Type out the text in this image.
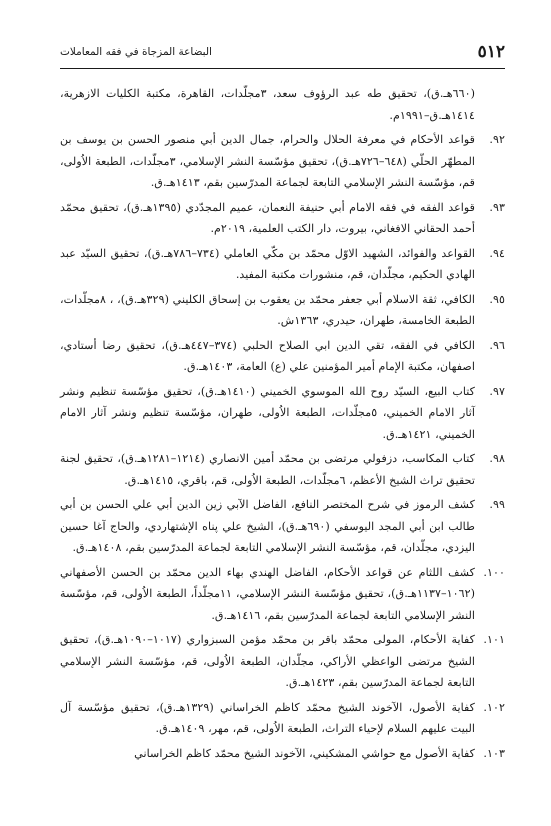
٥١٢
البضاعة المزجاة في فقه المعاملات
(٦٦٠هـ.ق)، تحقيق طه عبد الرؤوف سعد، ٣مجلّدات، القاهرة، مكتبة الكليات الازهرية، ١٤١٤هـ.ق–١٩٩١م.
٩٢.
قواعد الأحكام في معرفة الحلال والحرام، جمال الدين أبي منصور الحسن بن يوسف بن المطهّر الحلّي (٦٤٨–٧٢٦هـ.ق)، تحقيق مؤسّسة النشر الإسلامي، ٣مجلّدات، الطبعة الاُولى، قم، مؤسّسة النشر الإسلامي التابعة لجماعة المدرّسين بقم، ١٤١٣هـ.ق.
٩٣.
قواعد الفقه في فقه الامام أبي حنيفة النعمان، عميم المجدّدي (١٣٩٥هـ.ق)، تحقيق محمّد أحمد الحقاني الافغاني، بيروت، دار الكتب العلمية، ٢٠١٩م.
٩٤.
القواعد والفوائد، الشهيد الاوّل محمّد بن مكّي العاملي (٧٣٤–٧٨٦هـ.ق)، تحقيق السيّد عبد الهادي الحكيم، مجلّدان، قم، منشورات مكتبة المفيد.
٩٥.
الكافي، ثقة الاسلام أبي جعفر محمّد بن يعقوب بن إسحاق الكليني (٣٢٩هـ.ق)، ، ٨مجلّدات، الطبعة الخامسة، طهران، حيدري، ١٣٦٣ش.
٩٦.
الكافي في الفقه، تقي الدين ابي الصلاح الحلبي (٣٧٤–٤٤٧هـ.ق)، تحقيق رضا أستادي، اصفهان، مكتبة الإمام أمير المؤمنين علي (ع) العامة، ١٤٠٣هـ.ق.
٩٧.
كتاب البيع، السيّد روح الله الموسوي الخميني (١٤١٠هـ.ق)، تحقيق مؤسّسة تنظيم ونشر آثار الامام الخميني، ٥مجلّدات، الطبعة الاُولى، طهران، مؤسّسة تنظيم ونشر آثار الامام الخميني، ١٤٢١هـ.ق.
٩٨.
كتاب المكاسب، دزفولي مرتضى بن محمّد أمين الانصاري (١٢١٤–١٢٨١هـ.ق)، تحقيق لجنة تحقيق تراث الشيخ الأعظم، ٦مجلّدات، الطبعة الاُولى، قم، باقري، ١٤١٥هـ.ق.
٩٩.
كشف الرموز في شرح المختصر النافع، الفاضل الآبي زين الدين أبي علي الحسن بن أبي طالب ابن أبي المجد اليوسفي (٦٩٠هـ.ق)، الشيخ علي پناه الإشتهاردي، والحاج آغا حسين اليزدي، مجلّدان، قم، مؤسّسة النشر الإسلامي التابعة لجماعة المدرّسين بقم، ١٤٠٨هـ.ق.
١٠٠.
كشف اللثام عن قواعد الأحكام، الفاضل الهندي بهاء الدين محمّد بن الحسن الأصفهاني (١٠٦٢–١١٣٧هـ.ق)، تحقيق مؤسّسة النشر الإسلامي، ١١مجلّداً، الطبعة الاُولى، قم، مؤسّسة النشر الإسلامي التابعة لجماعة المدرّسين بقم، ١٤١٦هـ.ق.
١٠١.
كفاية الأحكام، المولى محمّد باقر بن محمّد مؤمن السبزواري (١٠١٧–١٠٩٠هـ.ق)، تحقيق الشيخ مرتضى الواعظي الأراكي، مجلّدان، الطبعة الاُولى، قم، مؤسّسة النشر الإسلامي التابعة لجماعة المدرّسين بقم، ١٤٢٣هـ.ق.
١٠٢.
كفاية الأصول، الآخوند الشيخ محمّد كاظم الخراساني (١٣٢٩هـ.ق)، تحقيق مؤسّسة آل البيت عليهم السلام لإحياء التراث، الطبعة الاُولى، قم، مهر، ١٤٠٩هـ.ق.
١٠٣.
كفاية الأصول مع حواشي المشكيني، الآخوند الشيخ محمّد كاظم الخراساني
